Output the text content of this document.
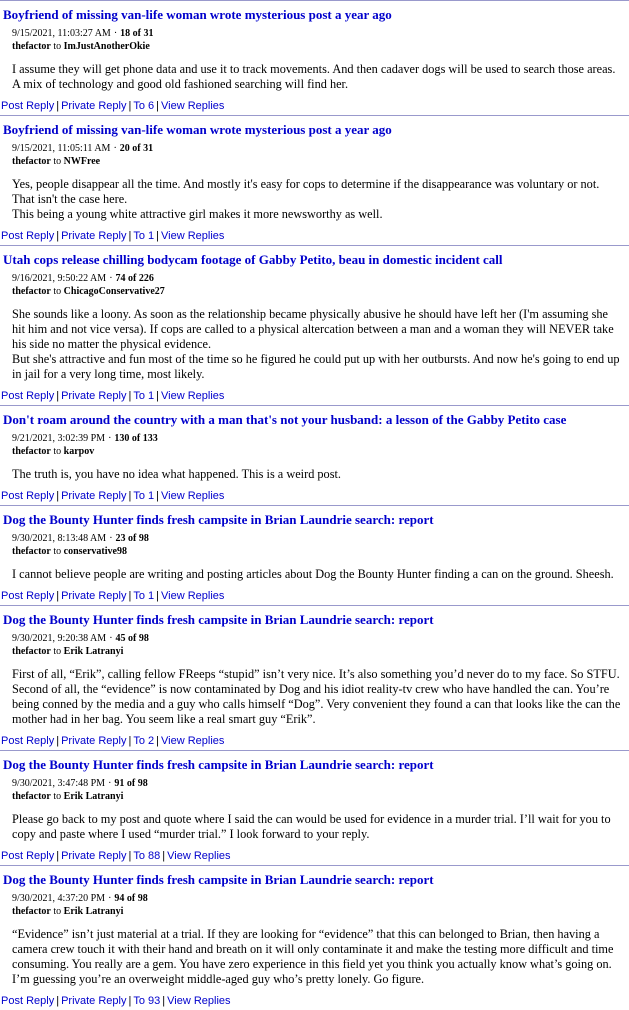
Boyfriend of missing van-life woman wrote mysterious post a year ago
9/15/2021, 11:03:27 AM · 18 of 31
thefactor to ImJustAnotherOkie

I assume they will get phone data and use it to track movements. And then cadaver dogs will be used to search those areas. A mix of technology and good old fashioned searching will find her.

Post Reply | Private Reply | To 6 | View Replies
Boyfriend of missing van-life woman wrote mysterious post a year ago
9/15/2021, 11:05:11 AM · 20 of 31
thefactor to NWFree

Yes, people disappear all the time. And mostly it's easy for cops to determine if the disappearance was voluntary or not. That isn't the case here.

This being a young white attractive girl makes it more newsworthy as well.

Post Reply | Private Reply | To 1 | View Replies
Utah cops release chilling bodycam footage of Gabby Petito, beau in domestic incident call
9/16/2021, 9:50:22 AM · 74 of 226
thefactor to ChicagoConservative27

She sounds like a loony. As soon as the relationship became physically abusive he should have left her (I'm assuming she hit him and not vice versa). If cops are called to a physical altercation between a man and a woman they will NEVER take his side no matter the physical evidence.

But she's attractive and fun most of the time so he figured he could put up with her outbursts. And now he's going to end up in jail for a very long time, most likely.

Post Reply | Private Reply | To 1 | View Replies
Don't roam around the country with a man that's not your husband: a lesson of the Gabby Petito case
9/21/2021, 3:02:39 PM · 130 of 133
thefactor to karpov

The truth is, you have no idea what happened. This is a weird post.

Post Reply | Private Reply | To 1 | View Replies
Dog the Bounty Hunter finds fresh campsite in Brian Laundrie search: report
9/30/2021, 8:13:48 AM · 23 of 98
thefactor to conservative98

I cannot believe people are writing and posting articles about Dog the Bounty Hunter finding a can on the ground. Sheesh.

Post Reply | Private Reply | To 1 | View Replies
Dog the Bounty Hunter finds fresh campsite in Brian Laundrie search: report
9/30/2021, 9:20:38 AM · 45 of 98
thefactor to Erik Latranyi

First of all, “Erik”, calling fellow FReeps “stupid” isn’t very nice. It’s also something you’d never do to my face. So STFU. Second of all, the “evidence” is now contaminated by Dog and his idiot reality-tv crew who have handled the can. You’re being conned by the media and a guy who calls himself “Dog”. Very convenient they found a can that looks like the can the mother had in her bag. You seem like a real smart guy “Erik”.

Post Reply | Private Reply | To 2 | View Replies
Dog the Bounty Hunter finds fresh campsite in Brian Laundrie search: report
9/30/2021, 3:47:48 PM · 91 of 98
thefactor to Erik Latranyi

Please go back to my post and quote where I said the can would be used for evidence in a murder trial. I’ll wait for you to copy and paste where I used “murder trial.” I look forward to your reply.

Post Reply | Private Reply | To 88 | View Replies
Dog the Bounty Hunter finds fresh campsite in Brian Laundrie search: report
9/30/2021, 4:37:20 PM · 94 of 98
thefactor to Erik Latranyi

“Evidence” isn’t just material at a trial. If they are looking for “evidence” that this can belonged to Brian, then having a camera crew touch it with their hand and breath on it will only contaminate it and make the testing more difficult and time consuming. You really are a gem. You have zero experience in this field yet you think you actually know what’s going on. I’m guessing you’re an overweight middle-aged guy who’s pretty lonely. Go figure.

Post Reply | Private Reply | To 93 | View Replies
